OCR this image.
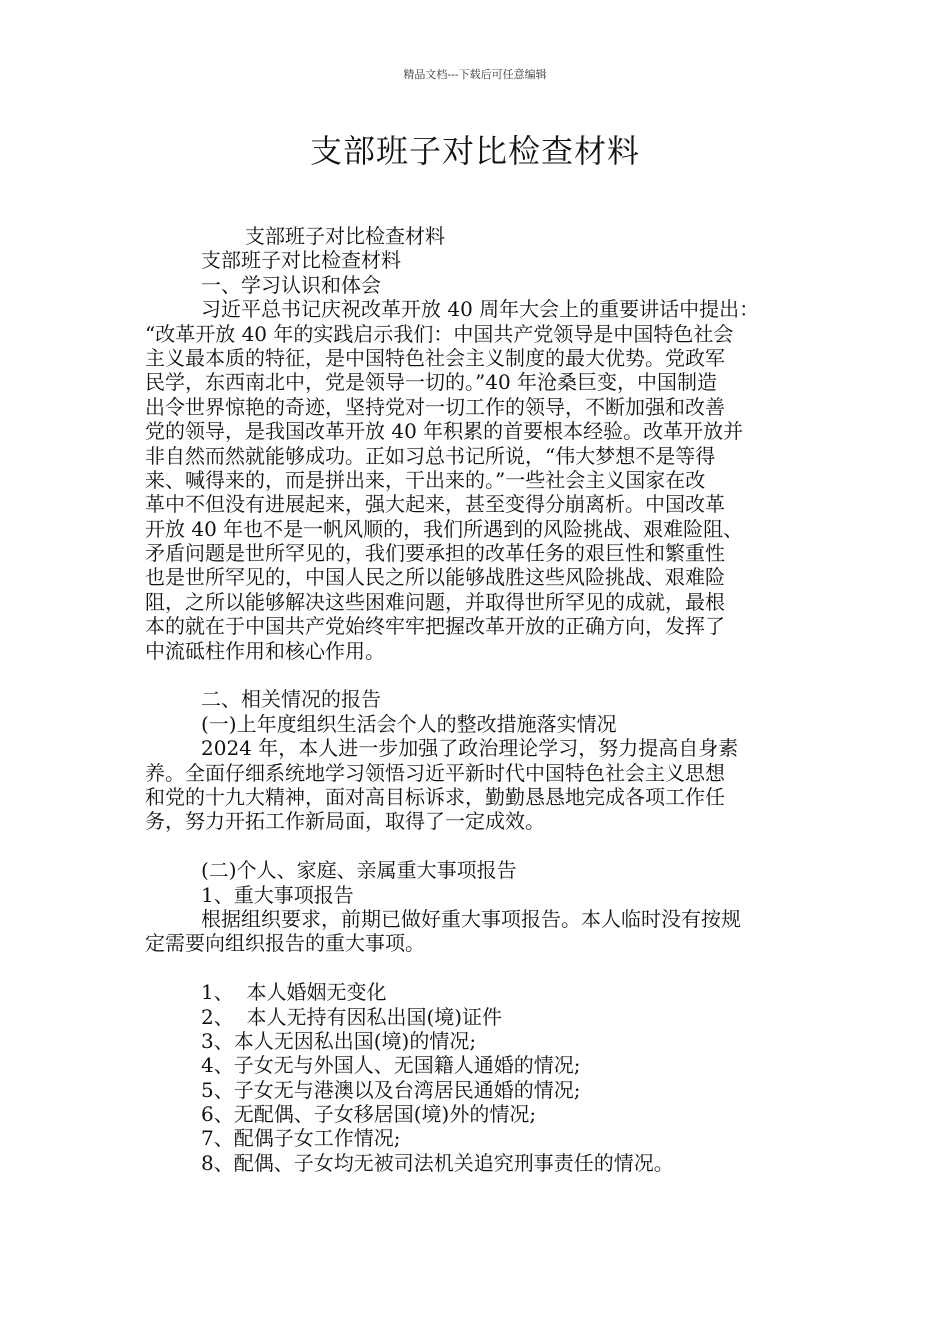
精品文档---下载后可任意编辑
支部班子对比检查材料
支部班子对比检查材料
支部班子对比检查材料
一、学习认识和体会
习近平总书记庆祝改革开放 40 周年大会上的重要讲话中提出：
“改革开放 40 年的实践启示我们：中国共产党领导是中国特色社会
主义最本质的特征，是中国特色社会主义制度的最大优势。党政军
民学，东西南北中，党是领导一切的。”40 年沧桑巨变，中国制造
出令世界惊艳的奇迹，坚持党对一切工作的领导，不断加强和改善
党的领导，是我国改革开放 40 年积累的首要根本经验。改革开放并
非自然而然就能够成功。正如习总书记所说，“伟大梦想不是等得
来、喊得来的，而是拼出来，干出来的。”一些社会主义国家在改
革中不但没有进展起来，强大起来，甚至变得分崩离析。中国改革
开放 40 年也不是一帆风顺的，我们所遇到的风险挑战、艰难险阻、
矛盾问题是世所罕见的，我们要承担的改革任务的艰巨性和繁重性
也是世所罕见的，中国人民之所以能够战胜这些风险挑战、艰难险
阻，之所以能够解决这些困难问题，并取得世所罕见的成就，最根
本的就在于中国共产党始终牢牢把握改革开放的正确方向，发挥了
中流砥柱作用和核心作用。
二、相关情况的报告
(一)上年度组织生活会个人的整改措施落实情况
2024 年，本人进一步加强了政治理论学习，努力提高自身素
养。全面仔细系统地学习领悟习近平新时代中国特色社会主义思想
和党的十九大精神，面对高目标诉求，勤勤恳恳地完成各项工作任
务，努力开拓工作新局面，取得了一定成效。
(二)个人、家庭、亲属重大事项报告
1、重大事项报告
根据组织要求，前期已做好重大事项报告。本人临时没有按规
定需要向组织报告的重大事项。
1、  本人婚姻无变化
2、  本人无持有因私出国(境)证件
3、本人无因私出国(境)的情况;
4、子女无与外国人、无国籍人通婚的情况;
5、子女无与港澳以及台湾居民通婚的情况;
6、无配偶、子女移居国(境)外的情况;
7、配偶子女工作情况;
8、配偶、子女均无被司法机关追究刑事责任的情况。
